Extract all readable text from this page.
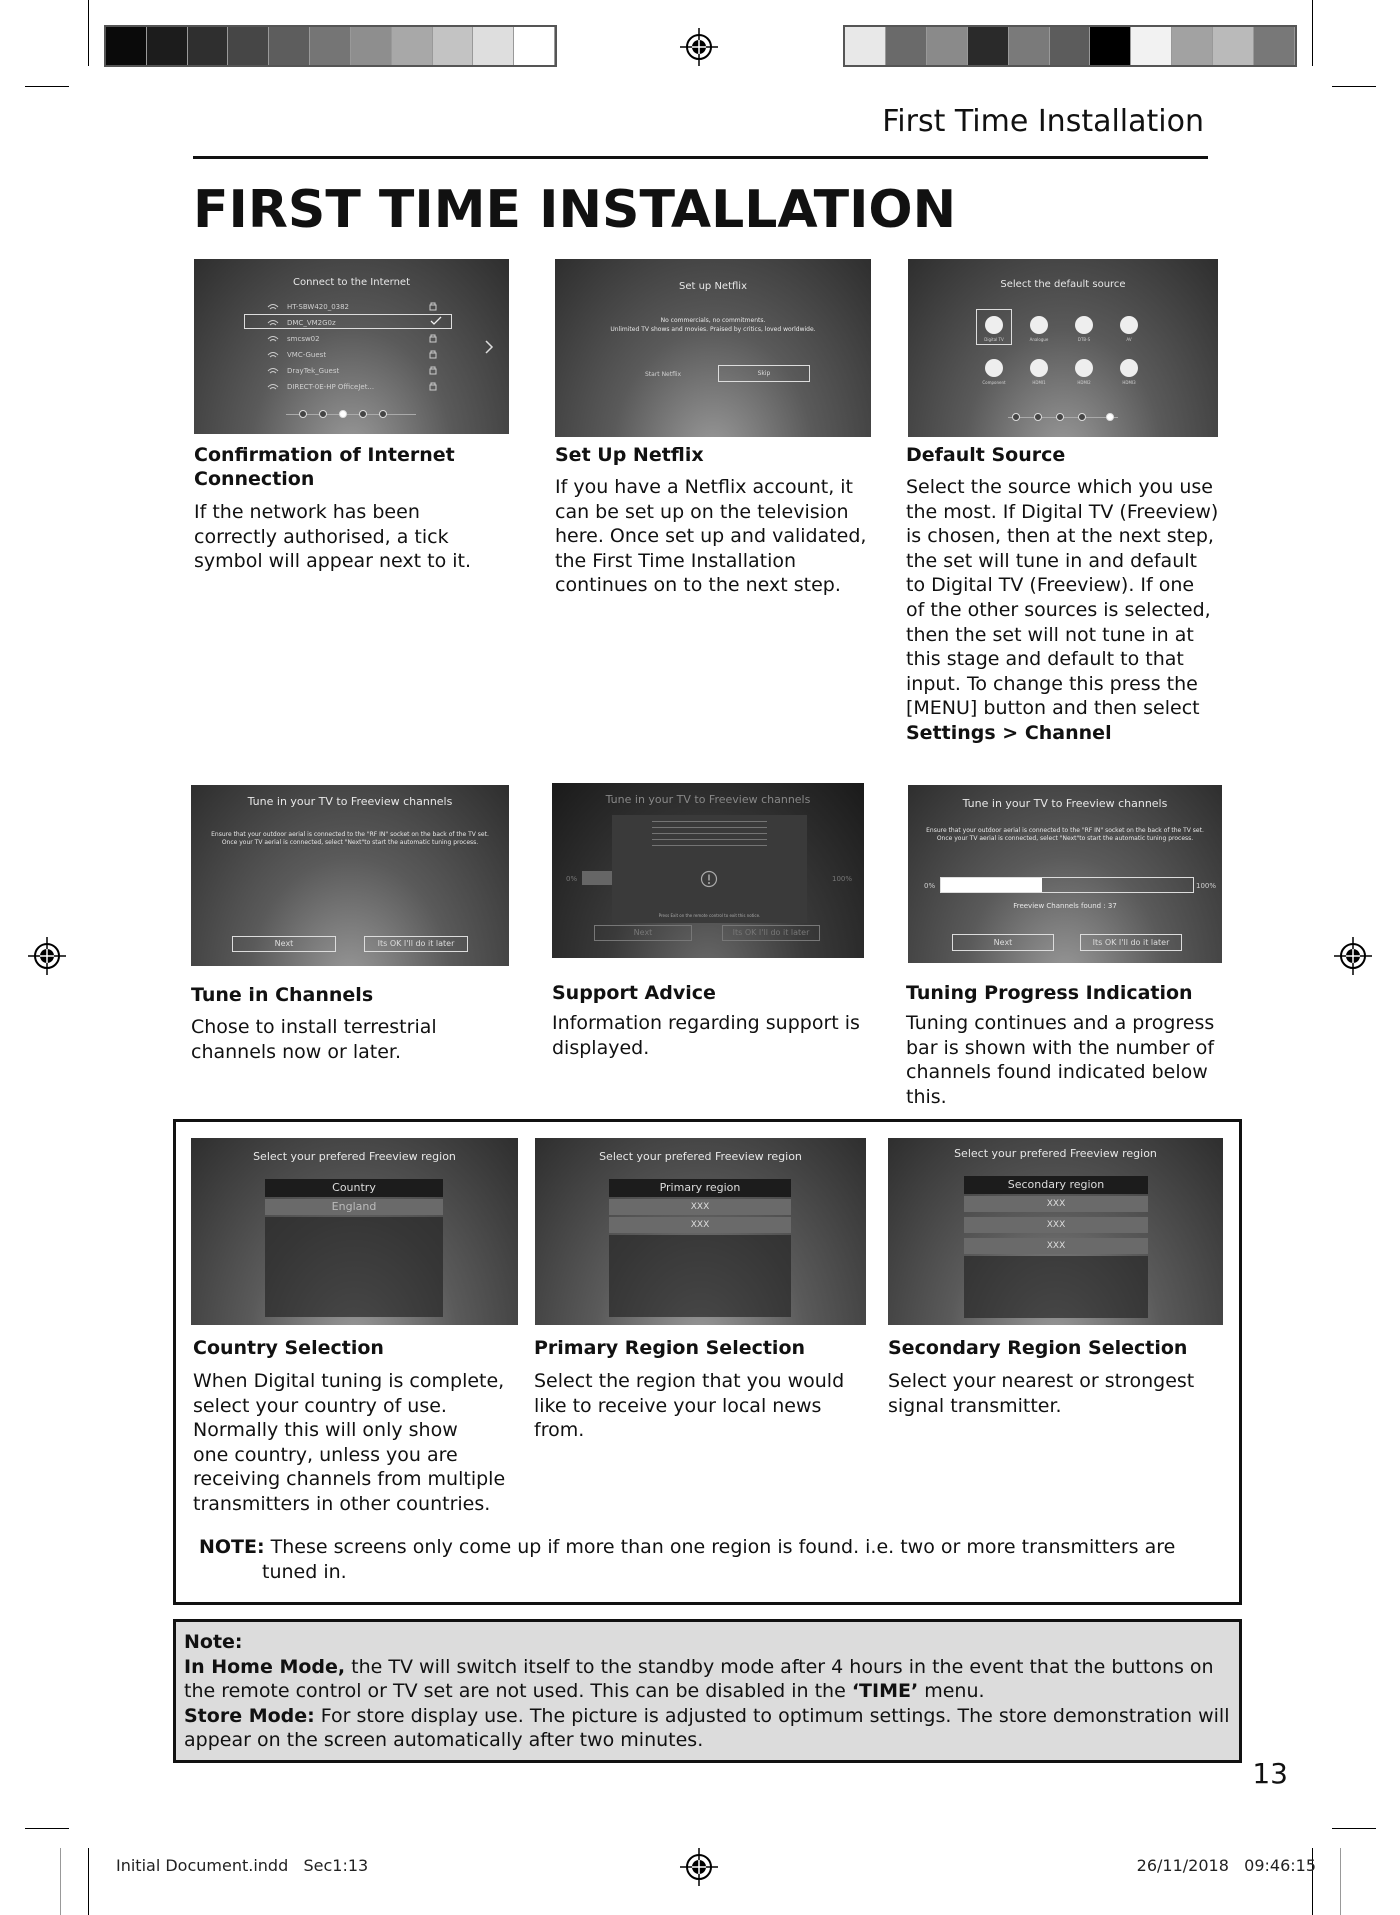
First Time Installation
FIRST TIME INSTALLATION
Connect to the Internet
HT-SBW420_0382
DMC_VM2G0z
smcsw02
VMC-Guest
DrayTek_Guest
DIRECT-0E-HP OfficeJet...
Set up Netflix
No commercials, no commitments.
Unlimited TV shows and movies. Praised by critics, loved worldwide.
Start Netflix	Skip
Select the default source
Digital TV	Analogue	DTB-S	AV
Component	HDMI1	HDMI2	HDMI3
Confirmation of Internet
Connection
If the network has been
correctly authorised, a tick
symbol will appear next to it.
Set Up Netflix
If you have a Netflix account, it
can be set up on the television
here. Once set up and validated,
the First Time Installation
continues on to the next step.
Default Source
Select the source which you use
the most. If Digital TV (Freeview)
is chosen, then at the next step,
the set will tune in and default
to Digital TV (Freeview). If one
of the other sources is selected,
then the set will not tune in at
this stage and default to that
input. To change this press the
[MENU] button and then select
Settings > Channel
Tune in your TV to Freeview channels
Ensure that your outdoor aerial is connected to the "RF IN" socket on the back of the TV set.
Once your TV aerial is connected, select "Next"to start the automatic tuning process.
Next	Its OK I'll do it later
Tune in your TV to Freeview channels
0%	100%
Press Exit on the remote control to exit this notice.
Next	Its OK I'll do it later
Tune in your TV to Freeview channels
Ensure that your outdoor aerial is connected to the "RF IN" socket on the back of the TV set.
Once your TV aerial is connected, select "Next"to start the automatic tuning process.
0%	100%
Freeview Channels found : 37
Next	Its OK I'll do it later
Tune in Channels
Chose to install terrestrial
channels now or later.
Support Advice
Information regarding support is
displayed.
Tuning Progress Indication
Tuning continues and a progress
bar is shown with the number of
channels found indicated below
this.
Select your prefered Freeview region
Country
England
Select your prefered Freeview region
Primary region
XXX
XXX
Select your prefered Freeview region
Secondary region
XXX
XXX
XXX
Country Selection
When Digital tuning is complete,
select your country of use.
Normally this will only show
one country, unless you are
receiving channels from multiple
transmitters in other countries.
Primary Region Selection
Select the region that you would
like to receive your local news
from.
Secondary Region Selection
Select your nearest or strongest
signal transmitter.
NOTE: These screens only come up if more than one region is found. i.e. two or more transmitters are
tuned in.

Note:

In Home Mode, the TV will switch itself to the standby mode after 4 hours in the event that the buttons on

the remote control or TV set are not used. This can be disabled in the ‘TIME’ menu.

Store Mode: For store display use. The picture is adjusted to optimum settings. The store demonstration will

appear on the screen automatically after two minutes.

13
Initial Document.indd   Sec1:13	26/11/2018   09:46:15
